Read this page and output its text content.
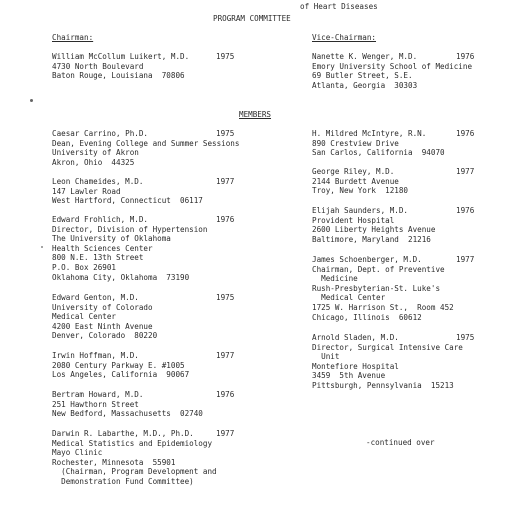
of Heart Diseases
PROGRAM COMMITTEE
Chairman:
William McCollum Luikert, M.D.
4730 North Boulevard
Baton Rouge, Louisiana  70806
1975
Vice-Chairman:
Nanette K. Wenger, M.D.
Emory University School of Medicine
69 Butler Street, S.E.
Atlanta, Georgia  30303
1976
MEMBERS
Caesar Carrino, Ph.D.
Dean, Evening College and Summer Sessions
University of Akron
Akron, Ohio  44325
1975
Leon Chameides, M.D.
147 Lawler Road
West Hartford, Connecticut  06117
1977
Edward Frohlich, M.D.
Director, Division of Hypertension
The University of Oklahoma
Health Sciences Center
800 N.E. 13th Street
P.O. Box 26901
Oklahoma City, Oklahoma  73190
1976
Edward Genton, M.D.
University of Colorado
Medical Center
4200 East Ninth Avenue
Denver, Colorado  80220
1975
Irwin Hoffman, M.D.
2080 Century Parkway E. #1005
Los Angeles, California  90067
1977
Bertram Howard, M.D.
251 Hawthorn Street
New Bedford, Massachusetts  02740
1976
Darwin R. Labarthe, M.D., Ph.D.
Medical Statistics and Epidemiology
Mayo Clinic
Rochester, Minnesota  55901
(Chairman, Program Development and
Demonstration Fund Committee)
1977
H. Mildred McIntyre, R.N.
890 Crestview Drive
San Carlos, California  94070
1976
George Riley, M.D.
2144 Burdett Avenue
Troy, New York  12180
1977
Elijah Saunders, M.D.
Provident Hospital
2600 Liberty Heights Avenue
Baltimore, Maryland  21216
1976
James Schoenberger, M.D.
Chairman, Dept. of Preventive
Medicine
Rush-Presbyterian-St. Luke's
Medical Center
1725 W. Harrison St.,  Room 452
Chicago, Illinois  60612
1977
Arnold Sladen, M.D.
Director, Surgical Intensive Care
Unit
Montefiore Hospital
3459  5th Avenue
Pittsburgh, Pennsylvania  15213
1975
-continued over
